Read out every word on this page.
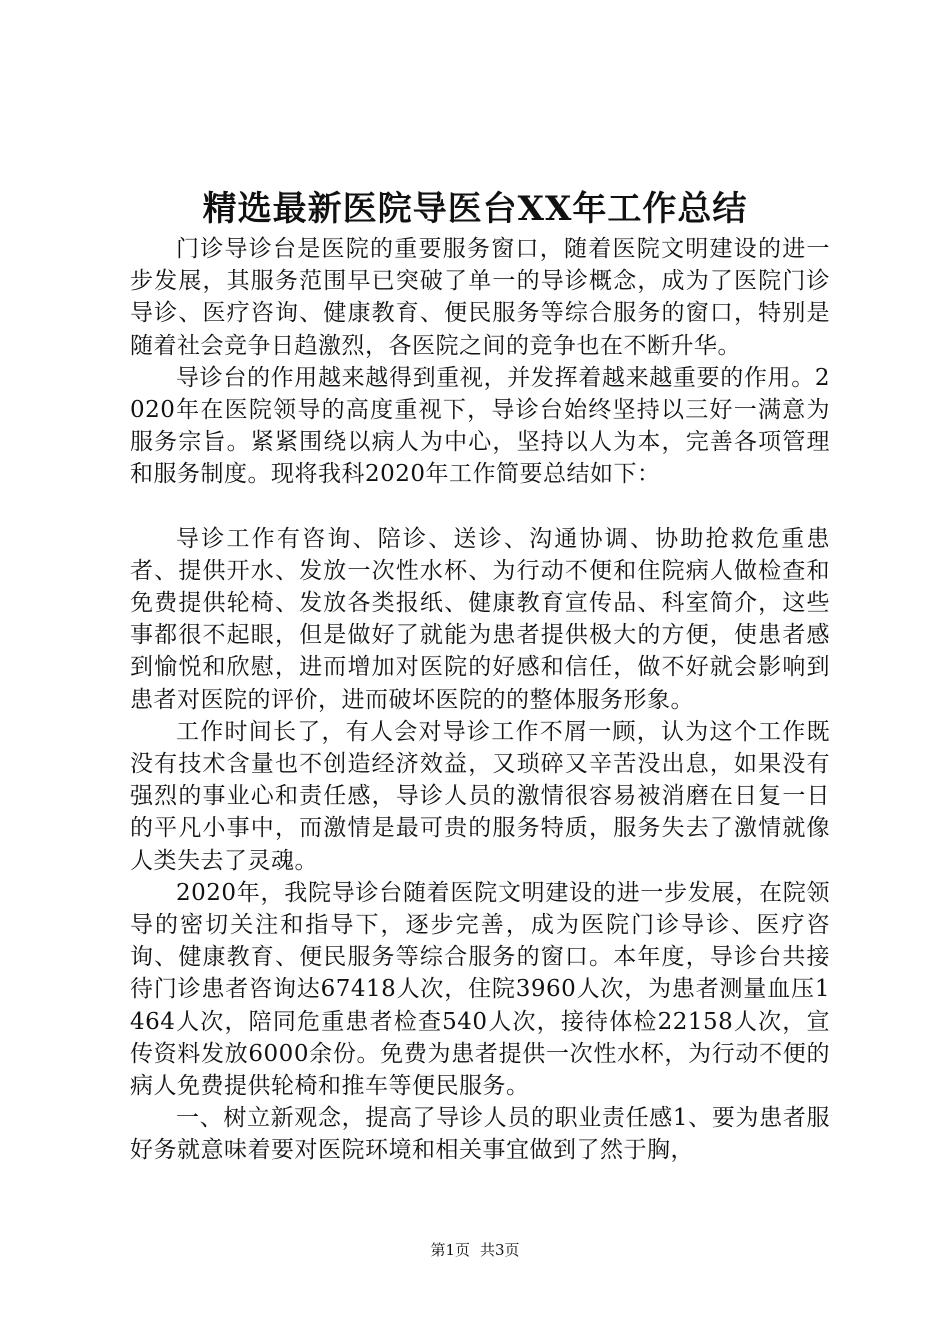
精选最新医院导医台XX年工作总结

门诊导诊台是医院的重要服务窗口，随着医院文明建设的进一步发展，其服务范围早已突破了单一的导诊概念，成为了医院门诊导诊、医疗咨询、健康教育、便民服务等综合服务的窗口，特别是随着社会竞争日趋激烈，各医院之间的竞争也在不断升华。

导诊台的作用越来越得到重视，并发挥着越来越重要的作用。2020年在医院领导的高度重视下，导诊台始终坚持以三好一满意为服务宗旨。紧紧围绕以病人为中心，坚持以人为本，完善各项管理和服务制度。现将我科2020年工作简要总结如下：

导诊工作有咨询、陪诊、送诊、沟通协调、协助抢救危重患者、提供开水、发放一次性水杯、为行动不便和住院病人做检查和免费提供轮椅、发放各类报纸、健康教育宣传品、科室简介，这些事都很不起眼，但是做好了就能为患者提供极大的方便，使患者感到愉悦和欣慰，进而增加对医院的好感和信任，做不好就会影响到患者对医院的评价，进而破坏医院的的整体服务形象。

工作时间长了，有人会对导诊工作不屑一顾，认为这个工作既没有技术含量也不创造经济效益，又琐碎又辛苦没出息，如果没有强烈的事业心和责任感，导诊人员的激情很容易被消磨在日复一日的平凡小事中，而激情是最可贵的服务特质，服务失去了激情就像人类失去了灵魂。

2020年，我院导诊台随着医院文明建设的进一步发展，在院领导的密切关注和指导下，逐步完善，成为医院门诊导诊、医疗咨询、健康教育、便民服务等综合服务的窗口。本年度，导诊台共接待门诊患者咨询达67418人次，住院3960人次，为患者测量血压1464人次，陪同危重患者检查540人次，接待体检22158人次，宣传资料发放6000余份。免费为患者提供一次性水杯，为行动不便的病人免费提供轮椅和推车等便民服务。

一、树立新观念，提高了导诊人员的职业责任感1、要为患者服好务就意味着要对医院环境和相关事宜做到了然于胸，

第1页 共3页
